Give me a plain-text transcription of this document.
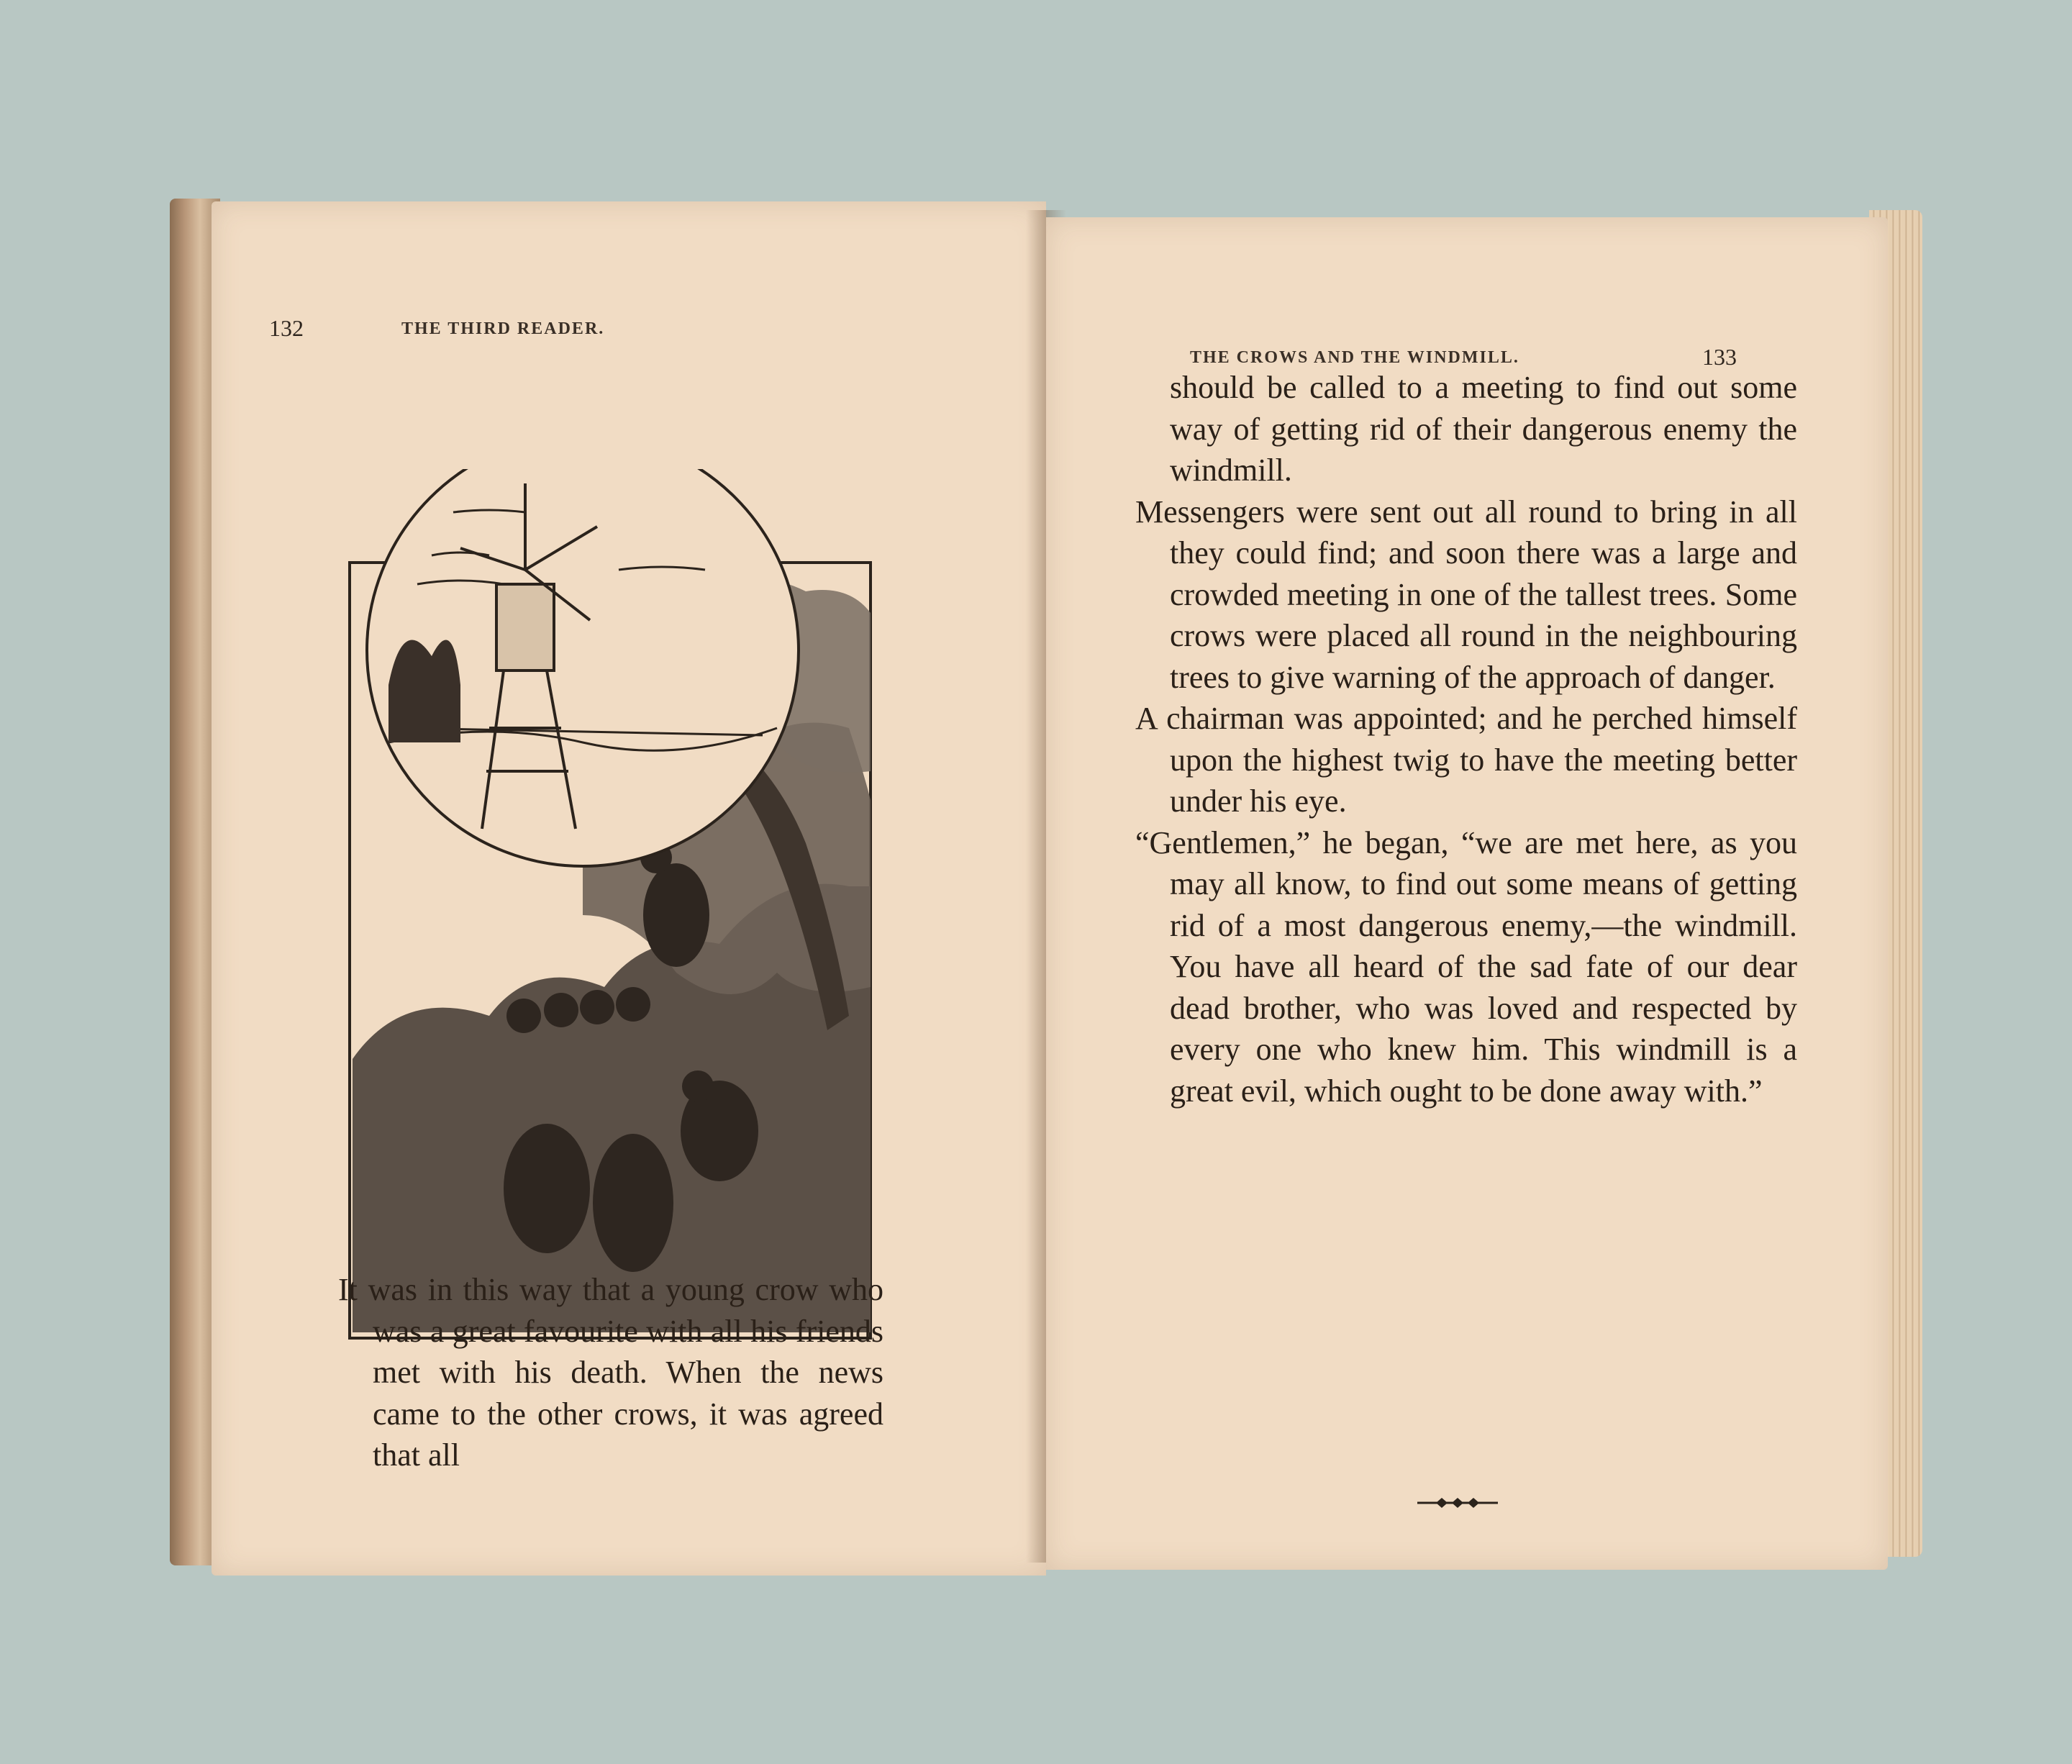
132	THE THIRD READER.

It was in this way that a young crow who was a great favourite with all his friends met with his death. When the news came to the other crows, it was agreed that all

THE CROWS AND THE WINDMILL.	133

should be called to a meeting to find out some way of getting rid of their dangerous enemy the windmill.

Messengers were sent out all round to bring in all they could find; and soon there was a large and crowded meeting in one of the tallest trees. Some crows were placed all round in the neighbouring trees to give warning of the approach of danger.

A chairman was appointed; and he perched himself upon the highest twig to have the meeting better under his eye.

“Gentlemen,” he began, “we are met here, as you may all know, to find out some means of getting rid of a most dangerous enemy,—the windmill. You have all heard of the sad fate of our dear dead brother, who was loved and respected by every one who knew him. This windmill is a great evil, which ought to be done away with.”
